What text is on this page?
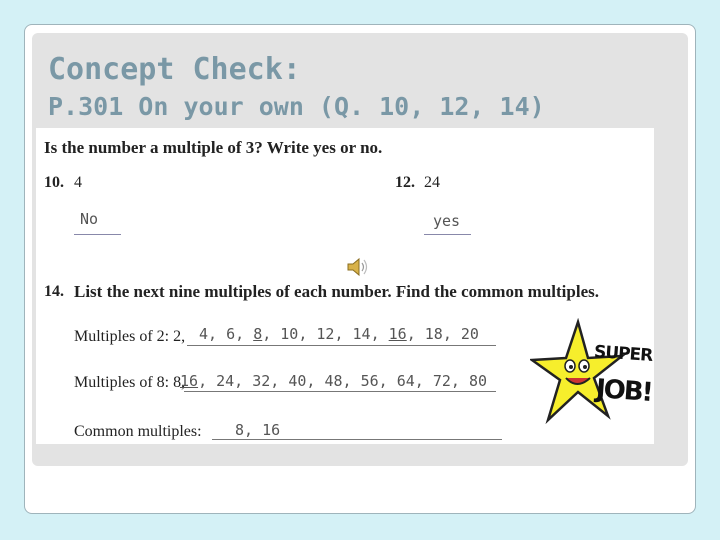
Concept Check:
P.301 On your own (Q. 10, 12, 14)
Is the number a multiple of 3? Write yes or no.
10. 4	12. 24
No	yes
14. List the next nine multiples of each number. Find the common multiples.
Multiples of 2: 2, 4, 6, 8, 10, 12, 14, 16, 18, 20
Multiples of 8: 8,
16, 24, 32, 40, 48, 56, 64, 72, 80
Common multiples: 8, 16
SUPER
JOB!
